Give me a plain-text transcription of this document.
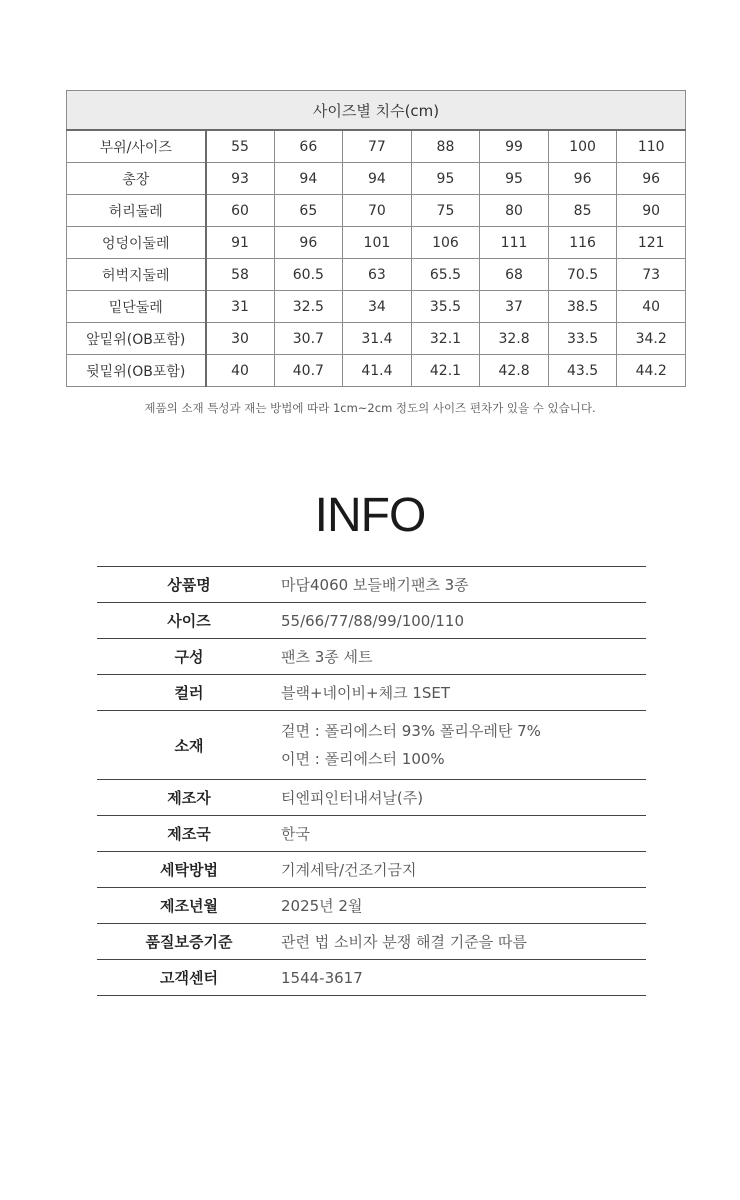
사이즈별 치수(cm)							
부위/사이즈	55	66	77	88	99	100	110
총장	93	94	94	95	95	96	96
허리둘레	60	65	70	75	80	85	90
엉덩이둘레	91	96	101	106	111	116	121
허벅지둘레	58	60.5	63	65.5	68	70.5	73
밑단둘레	31	32.5	34	35.5	37	38.5	40
앞밑위(OB포함)	30	30.7	31.4	32.1	32.8	33.5	34.2
뒷밑위(OB포함)	40	40.7	41.4	42.1	42.8	43.5	44.2
제품의 소재 특성과 재는 방법에 따라 1cm~2cm 정도의 사이즈 편차가 있을 수 있습니다.
INFO
상품명	마담4060 보들배기팬츠 3종

사이즈	55/66/77/88/99/100/110

구성	팬츠 3종 세트

컬러	블랙+네이비+체크 1SET

소재	겉면 : 폴리에스터 93% 폴리우레탄 7%
이면 : 폴리에스터 100%

제조자	티엔피인터내셔날(주)

제조국	한국

세탁방법	기계세탁/건조기금지

제조년월	2025년 2월

품질보증기준	관련 법 소비자 분쟁 해결 기준을 따름

고객센터	1544-3617
